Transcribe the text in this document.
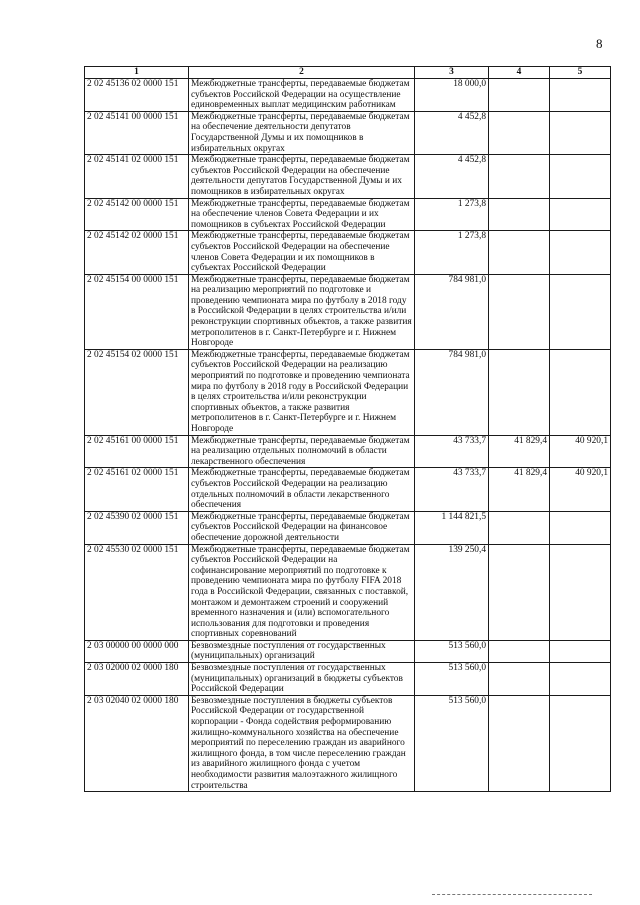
8
1	2	3	4	5
2 02 45136 02 0000 151	Межбюджетные трансферты, передаваемые бюджетам субъектов Российской Федерации на осуществление единовременных выплат медицинским работникам	18 000,0		
2 02 45141 00 0000 151	Межбюджетные трансферты, передаваемые бюджетам на обеспечение деятельности депутатов Государственной Думы и их помощников в избирательных округах	4 452,8		
2 02 45141 02 0000 151	Межбюджетные трансферты, передаваемые бюджетам субъектов Российской Федерации на обеспечение деятельности депутатов Государственной Думы и их помощников в избирательных округах	4 452,8		
2 02 45142 00 0000 151	Межбюджетные трансферты, передаваемые бюджетам на обеспечение членов Совета Федерации и их помощников в субъектах Российской Федерации	1 273,8		
2 02 45142 02 0000 151	Межбюджетные трансферты, передаваемые бюджетам субъектов Российской Федерации на обеспечение членов Совета Федерации и их помощников в субъектах Российской Федерации	1 273,8		
2 02 45154 00 0000 151	Межбюджетные трансферты, передаваемые бюджетам на реализацию мероприятий по подготовке и проведению чемпионата мира по футболу в 2018 году в Российской Федерации в целях строительства и/или реконструкции спортивных объектов, а также развития метрополитенов в г. Санкт-Петербурге и г. Нижнем Новгороде	784 981,0		
2 02 45154 02 0000 151	Межбюджетные трансферты, передаваемые бюджетам субъектов Российской Федерации на реализацию мероприятий по подготовке и проведению чемпионата мира по футболу в 2018 году в Российской Федерации в целях строительства и/или реконструкции спортивных объектов, а также развития метрополитенов в г. Санкт-Петербурге и г. Нижнем Новгороде	784 981,0		
2 02 45161 00 0000 151	Межбюджетные трансферты, передаваемые бюджетам на реализацию отдельных полномочий в области лекарственного обеспечения	43 733,7	41 829,4	40 920,1
2 02 45161 02 0000 151	Межбюджетные трансферты, передаваемые бюджетам субъектов Российской Федерации на реализацию отдельных полномочий в области лекарственного обеспечения	43 733,7	41 829,4	40 920,1
2 02 45390 02 0000 151	Межбюджетные трансферты, передаваемые бюджетам субъектов Российской Федерации на финансовое обеспечение дорожной деятельности	1 144 821,5		
2 02 45530 02 0000 151	Межбюджетные трансферты, передаваемые бюджетам субъектов Российской Федерации на софинансирование мероприятий по подготовке к проведению чемпионата мира по футболу FIFA 2018 года в Российской Федерации, связанных с поставкой, монтажом и демонтажем строений и сооружений временного назначения и (или) вспомогательного использования для подготовки и проведения спортивных соревнований	139 250,4		
2 03 00000 00 0000 000	Безвозмездные поступления от государственных (муниципальных) организаций	513 560,0		
2 03 02000 02 0000 180	Безвозмездные поступления от государственных (муниципальных) организаций в бюджеты субъектов Российской Федерации	513 560,0		
2 03 02040 02 0000 180	Безвозмездные поступления в бюджеты субъектов Российской Федерации от государственной корпорации - Фонда содействия реформированию жилищно-коммунального хозяйства на обеспечение мероприятий по переселению граждан из аварийного жилищного фонда, в том числе переселению граждан из аварийного жилищного фонда с учетом необходимости развития малоэтажного жилищного строительства	513 560,0		
